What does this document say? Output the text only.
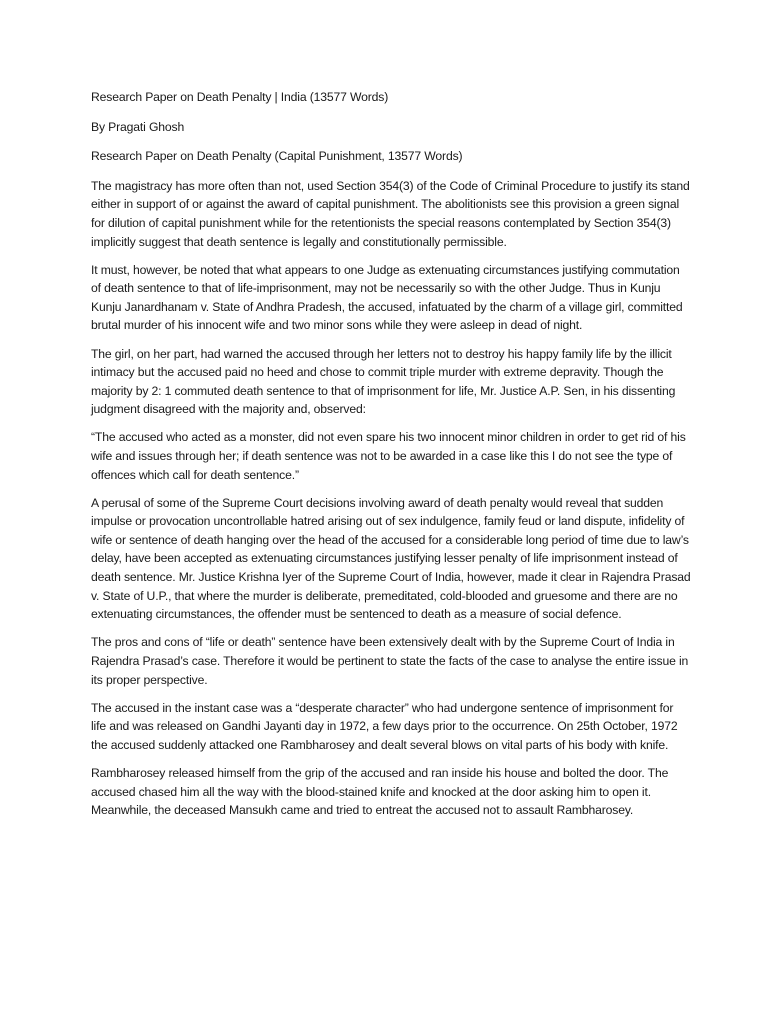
Research Paper on Death Penalty | India (13577 Words)

By Pragati Ghosh

Research Paper on Death Penalty (Capital Punishment, 13577 Words)

The magistracy has more often than not, used Section 354(3) of the Code of Criminal Procedure to justify its stand either in support of or against the award of capital punishment. The abolitionists see this provision a green signal for dilution of capital punishment while for the retentionists the special reasons contemplated by Section 354(3) implicitly suggest that death sentence is legally and constitutionally permissible.

It must, however, be noted that what appears to one Judge as extenuating circumstances justifying commutation of death sentence to that of life-imprisonment, may not be necessarily so with the other Judge. Thus in Kunju Kunju Janardhanam v. State of Andhra Pradesh, the accused, infatuated by the charm of a village girl, committed brutal murder of his innocent wife and two minor sons while they were asleep in dead of night.

The girl, on her part, had warned the accused through her letters not to destroy his happy family life by the illicit intimacy but the accused paid no heed and chose to commit triple murder with extreme depravity. Though the majority by 2: 1 commuted death sentence to that of imprisonment for life, Mr. Justice A.P. Sen, in his dissenting judgment disagreed with the majority and, observed:

“The accused who acted as a monster, did not even spare his two innocent minor children in order to get rid of his wife and issues through her; if death sentence was not to be awarded in a case like this I do not see the type of offences which call for death sentence.”

A perusal of some of the Supreme Court decisions involving award of death penalty would reveal that sudden impulse or provocation uncontrollable hatred arising out of sex indulgence, family feud or land dispute, infidelity of wife or sentence of death hanging over the head of the accused for a considerable long period of time due to law’s delay, have been accepted as extenuating circumstances justifying lesser penalty of life imprisonment instead of death sentence. Mr. Justice Krishna Iyer of the Supreme Court of India, however, made it clear in Rajendra Prasad v. State of U.P., that where the murder is deliberate, premeditated, cold-blooded and gruesome and there are no extenuating circumstances, the offender must be sentenced to death as a measure of social defence.

The pros and cons of “life or death” sentence have been extensively dealt with by the Supreme Court of India in Rajendra Prasad’s case. Therefore it would be pertinent to state the facts of the case to analyse the entire issue in its proper perspective.

The accused in the instant case was a “desperate character” who had undergone sentence of imprisonment for life and was released on Gandhi Jayanti day in 1972, a few days prior to the occurrence. On 25th October, 1972 the accused suddenly attacked one Rambharosey and dealt several blows on vital parts of his body with knife.

Rambharosey released himself from the grip of the accused and ran inside his house and bolted the door. The accused chased him all the way with the blood-stained knife and knocked at the door asking him to open it. Meanwhile, the deceased Mansukh came and tried to entreat the accused not to assault Rambharosey.
